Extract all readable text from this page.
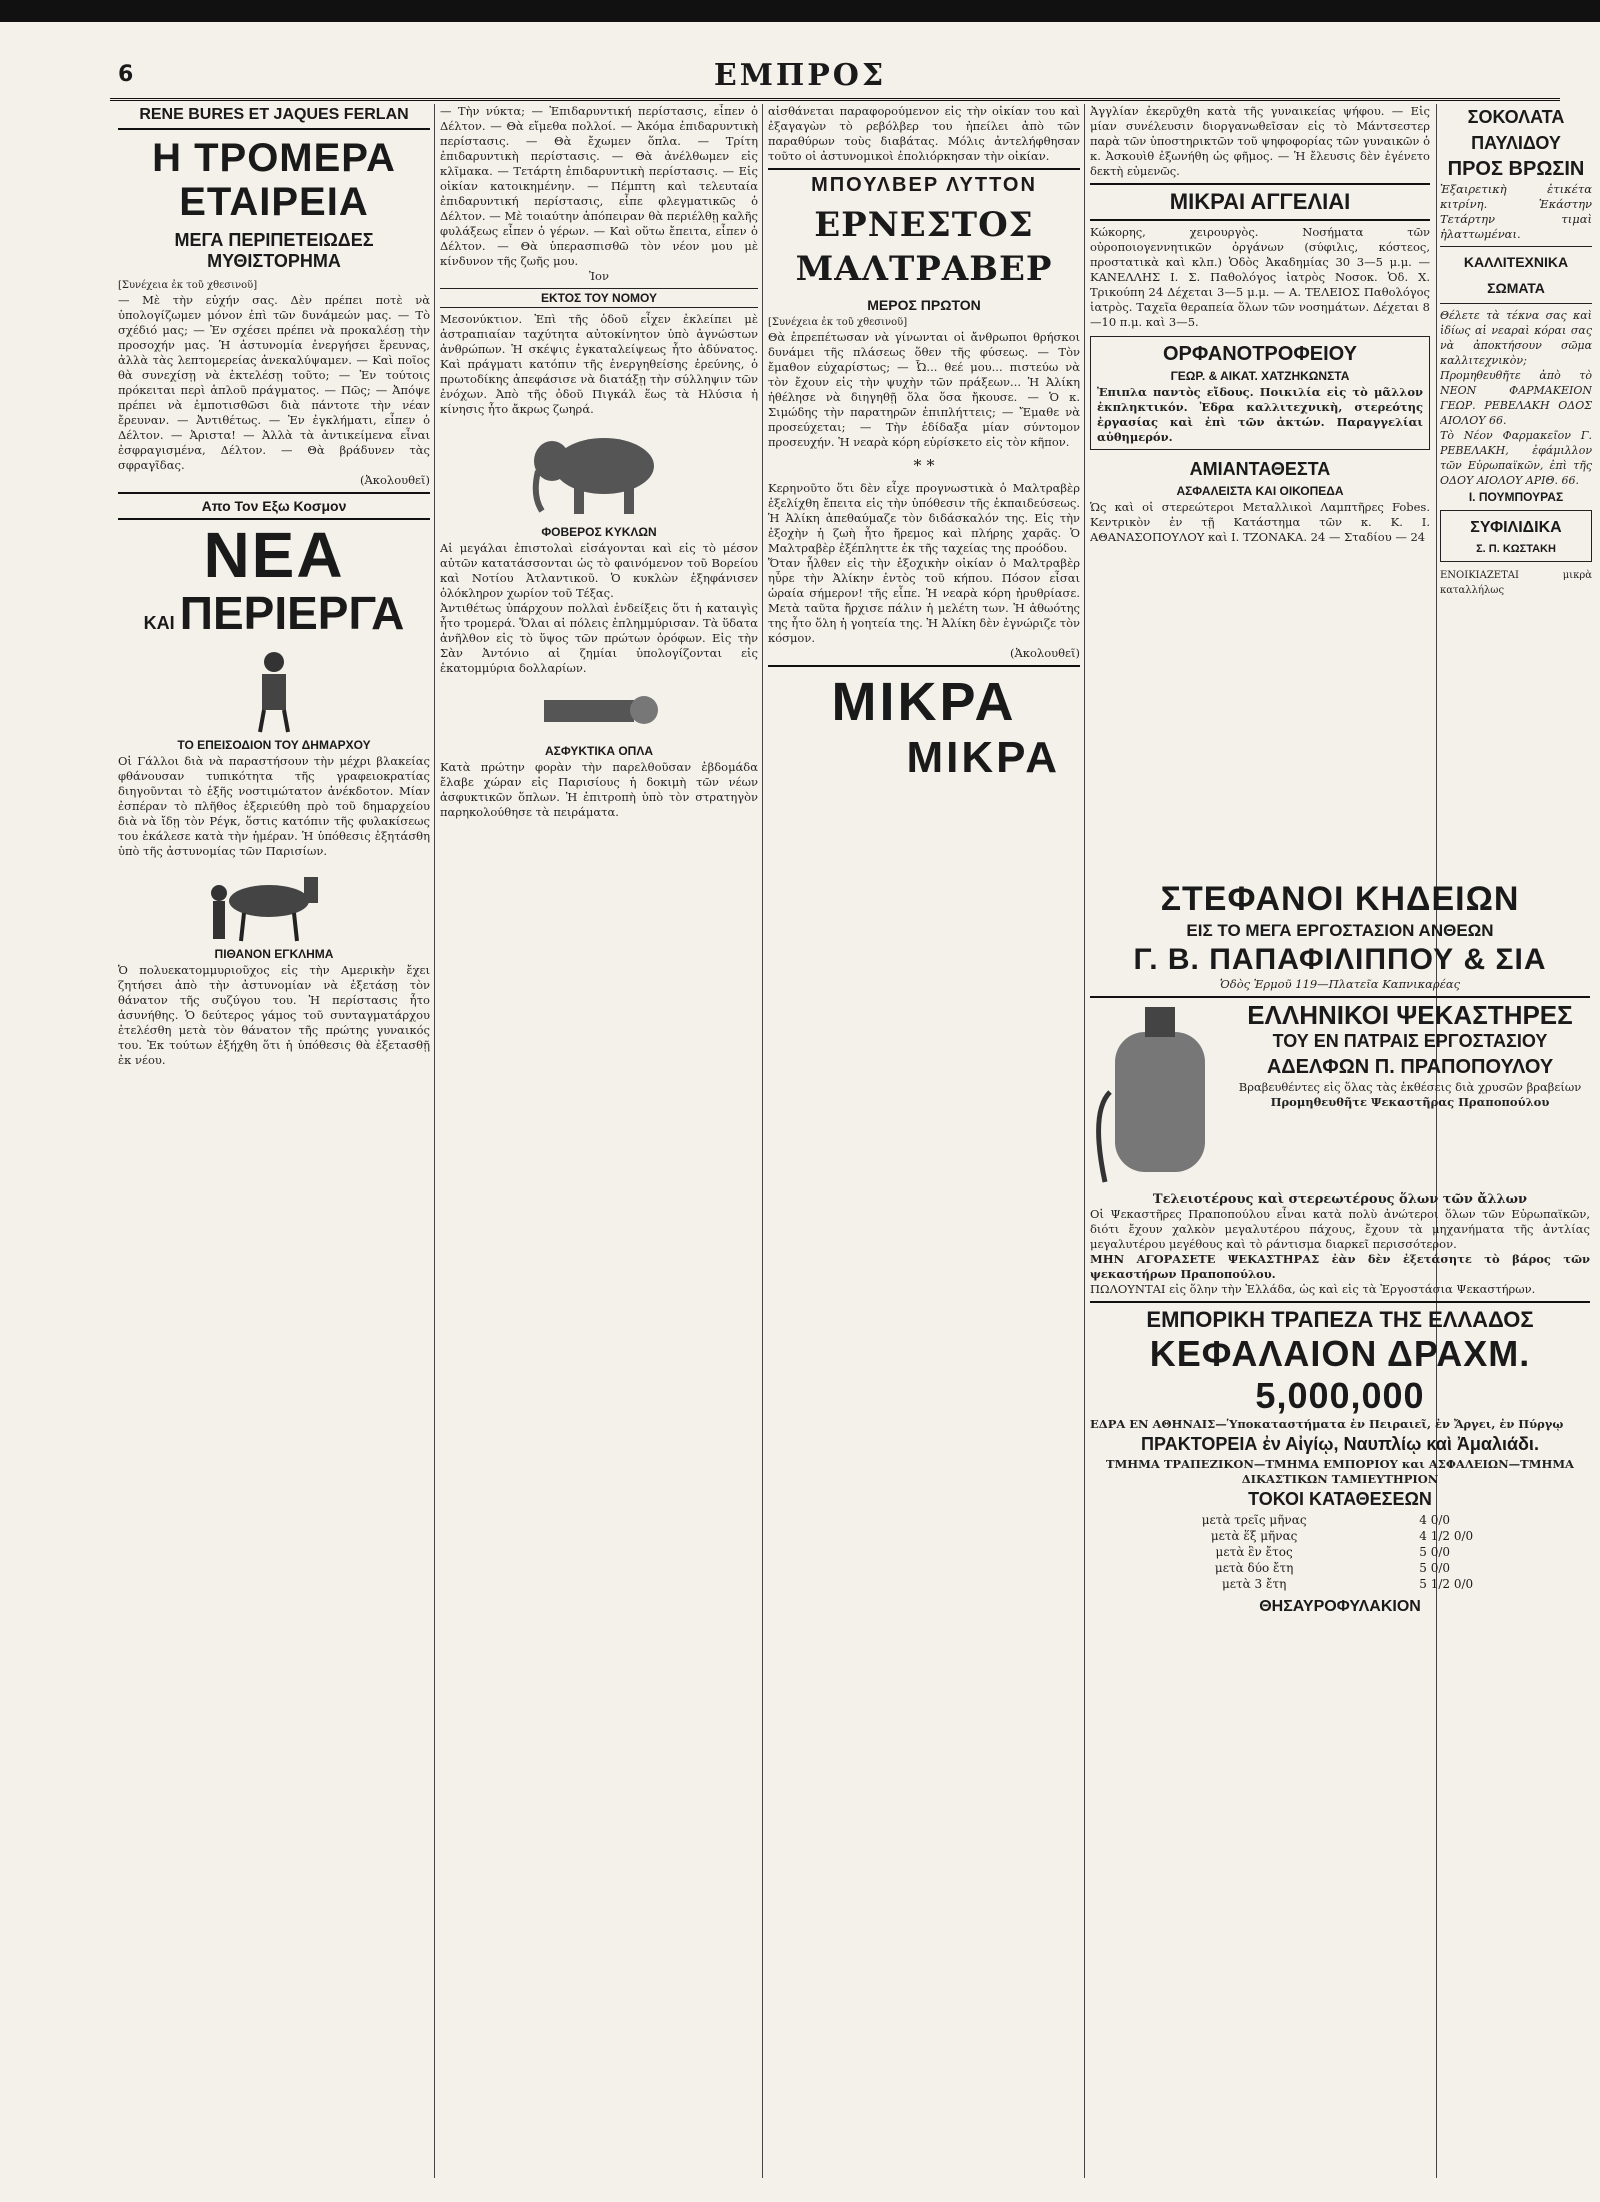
6	ΕΜΠΡΟΣ
RENE BURES ET JAQUES FERLAN
Η ΤΡΟΜΕΡΑ ΕΤΑΙΡΕΙΑ
ΜΕΓΑ ΠΕΡΙΠΕΤΕΙΩΔΕΣ ΜΥΘΙΣΤΟΡΗΜΑ
[Συνέχεια ἐκ τοῦ χθεσινοῦ]

— Μὲ τὴν εὐχήν σας. Δὲν πρέπει ποτὲ νὰ ὑπολογίζωμεν μόνον ἐπὶ τῶν δυνάμεών μας. — Τὸ σχέδιό μας; — Ἐν σχέσει πρέπει νὰ προκαλέσῃ τὴν προσοχήν μας. Ἡ ἀστυνομία ἐνεργήσει ἔρευνας, ἀλλὰ τὰς λεπτομερείας ἀνεκαλύψαμεν. — Καὶ ποῖος θὰ συνεχίσῃ νὰ ἐκτελέσῃ τοῦτο; — Ἐν τούτοις πρόκειται περὶ ἁπλοῦ πράγματος. — Πῶς; — Ἀπόψε πρέπει νὰ ἐμποτισθῶσι διὰ πάντοτε τὴν νέαν ἔρευναν. — Ἀντιθέτως. — Ἐν ἐγκλήματι, εἶπεν ὁ Δέλτον. — Ἀριστα! — Ἀλλὰ τὰ ἀντικείμενα εἶναι ἐσφραγισμένα, Δέλτον. — Θὰ βράδυνεν τὰς σφραγῖδας.

(Ἀκολουθεῖ)
Απο Τον Εξω Κοσμον
ΝΕΑ
ΚΑΙ ΠΕΡΙΕΡΓΑ
ΤΟ ΕΠΕΙΣΟΔΙΟΝ ΤΟΥ ΔΗΜΑΡΧΟΥ

Οἱ Γάλλοι διὰ νὰ παραστήσουν τὴν μέχρι βλακείας φθάνουσαν τυπικότητα τῆς γραφειοκρατίας διηγοῦνται τὸ ἑξῆς νοστιμώτατον ἀνέκδοτον. Μίαν ἐσπέραν τὸ πλῆθος ἐξεριεύθη πρὸ τοῦ δημαρχείου διὰ νὰ ἴδῃ τὸν Ρέγκ, ὅστις κατόπιν τῆς φυλακίσεως του ἐκάλεσε κατὰ τὴν ἡμέραν. Ἡ ὑπόθεσις ἐξητάσθη ὑπὸ τῆς ἀστυνομίας τῶν Παρισίων.

ΠΙΘΑΝΟΝ ΕΓΚΛΗΜΑ

Ὁ πολυεκατομμυριοῦχος εἰς τὴν Αμερικὴν ἔχει ζητήσει ἀπὸ τὴν ἀστυνομίαν νὰ ἐξετάσῃ τὸν θάνατον τῆς συζύγου του. Ἡ περίστασις ἦτο ἀσυνήθης. Ὁ δεύτερος γάμος τοῦ συνταγματάρχου ἐτελέσθη μετὰ τὸν θάνατον τῆς πρώτης γυναικός του. Ἐκ τούτων ἐξήχθη ὅτι ἡ ὑπόθεσις θὰ ἐξετασθῇ ἐκ νέου.

— Τὴν νύκτα; — Ἐπιδαρυντική περίστασις, εἶπεν ὁ Δέλτον. — Θὰ εἴμεθα πολλοί. — Ἀκόμα ἐπιδαρυντικὴ περίστασις. — Θὰ ἔχωμεν ὅπλα. — Τρίτη ἐπιδαρυντικὴ περίστασις. — Θὰ ἀνέλθωμεν εἰς κλῖμακα. — Τετάρτη ἐπιδαρυντικὴ περίστασις. — Εἰς οἰκίαν κατοικημένην. — Πέμπτη καὶ τελευταία ἐπιδαρυντική περίστασις, εἶπε φλεγματικῶς ὁ Δέλτον. — Μὲ τοιαύτην ἀπόπειραν θὰ περιέλθῃ καλῆς φυλάξεως εἶπεν ὁ γέρων. — Καὶ οὕτω ἔπειτα, εἶπεν ὁ Δέλτον. — Θὰ ὑπερασπισθῶ τὸν νέον μου μὲ κίνδυνον τῆς ζωῆς μου.

Ἰον
ΕΚΤΟΣ ΤΟΥ ΝΟΜΟΥ

Μεσονύκτιον. Ἐπὶ τῆς ὁδοῦ εἶχεν ἐκλείπει μὲ ἀστραπιαίαν ταχύτητα αὐτοκίνητον ὑπὸ ἀγνώστων ἀνθρώπων. Ἡ σκέψις ἐγκαταλείψεως ἦτο ἀδύνατος. Καὶ πράγματι κατόπιν τῆς ἐνεργηθείσης ἐρεύνης, ὁ πρωτοδίκης ἀπεφάσισε νὰ διατάξῃ τὴν σύλληψιν τῶν ἐνόχων. Ἀπὸ τῆς ὁδοῦ Πιγκάλ ἕως τὰ Ηλύσια ἡ κίνησις ἦτο ἄκρως ζωηρά.

ΦΟΒΕΡΟΣ ΚΥΚΛΩΝ

Αἱ μεγάλαι ἐπιστολαὶ εἰσάγονται καὶ εἰς τὸ μέσον αὐτῶν κατατάσσονται ὡς τὸ φαινόμενον τοῦ Βορείου καὶ Νοτίου Ἀτλαντικοῦ. Ὁ κυκλὼν ἐξηφάνισεν ὁλόκληρον χωρίον τοῦ Τέξας.

Ἀντιθέτως ὑπάρχουν πολλαὶ ἐνδείξεις ὅτι ἡ καταιγὶς ἦτο τρομερά. Ὅλαι αἱ πόλεις ἐπλημμύρισαν. Τὰ ὕδατα ἀνῆλθον εἰς τὸ ὕψος τῶν πρώτων ὀρόφων. Εἰς τὴν Σὰν Ἀντόνιο αἱ ζημίαι ὑπολογίζονται εἰς ἑκατομμύρια δολλαρίων.

ΑΣΦΥΚΤΙΚΑ ΟΠΛΑ

Κατὰ πρώτην φορὰν τὴν παρελθοῦσαν ἑβδομάδα ἔλαβε χώραν εἰς Παρισίους ἡ δοκιμὴ τῶν νέων ἀσφυκτικῶν ὅπλων. Ἡ ἐπιτροπὴ ὑπὸ τὸν στρατηγὸν παρηκολούθησε τὰ πειράματα.

αἰσθάνεται παραφορούμενον εἰς τὴν οἰκίαν του καὶ ἐξαγαγὼν τὸ ρεβόλβερ του ἠπείλει ἀπὸ τῶν παραθύρων τοὺς διαβάτας. Μόλις ἀντελήφθησαν τοῦτο οἱ ἀστυνομικοὶ ἐπολιόρκησαν τὴν οἰκίαν.

ΜΠΟΥΛΒΕΡ ΛΥΤΤΟΝ
ΕΡΝΕΣΤΟΣ ΜΑΛΤΡΑΒΕΡ
ΜΕΡΟΣ ΠΡΩΤΟΝ
[Συνέχεια ἐκ τοῦ χθεσινοῦ]

Θὰ ἐπρεπέτωσαν νὰ γίνωνται οἱ ἄνθρωποι θρήσκοι δυνάμει τῆς πλάσεως ὅθεν τῆς φύσεως. — Τὸν ἔμαθον εὐχαρίστως; — Ὦ... θεέ μου... πιστεύω νὰ τὸν ἔχουν εἰς τὴν ψυχὴν τῶν πράξεων... Ἡ Ἀλίκη ἠθέλησε νὰ διηγηθῇ ὅλα ὅσα ἤκουσε. — Ὁ κ. Σιμώδης τὴν παρατηρῶν ἐπιπλήττεις; — Ἔμαθε νὰ προσεύχεται; — Τὴν ἐδίδαξα μίαν σύντομον προσευχήν. Ἡ νεαρὰ κόρη εὑρίσκετο εἰς τὸν κῆπον.

* *

Κερηνοῦτο ὅτι δὲν εἶχε προγνωστικὰ ὁ Μαλτραβὲρ ἐξελίχθη ἔπειτα εἰς τὴν ὑπόθεσιν τῆς ἐκπαιδεύσεως. Ἡ Ἀλίκη ἀπεθαύμαζε τὸν διδάσκαλόν της. Εἰς τὴν ἐξοχὴν ἡ ζωὴ ἦτο ἤρεμος καὶ πλήρης χαρᾶς. Ὁ Μαλτραβὲρ ἐξέπληττε ἐκ τῆς ταχείας της προόδου.

Ὅταν ἦλθεν εἰς τὴν ἐξοχικὴν οἰκίαν ὁ Μαλτραβὲρ ηὗρε τὴν Ἀλίκην ἐντὸς τοῦ κήπου. Πόσον εἶσαι ὡραία σήμερον! τῆς εἶπε. Ἡ νεαρὰ κόρη ἠρυθρίασε. Μετὰ ταῦτα ἤρχισε πάλιν ἡ μελέτη των. Ἡ ἀθωότης της ἦτο ὅλη ἡ γοητεία της. Ἡ Ἀλίκη δὲν ἐγνώριζε τὸν κόσμον.

(Ἀκολουθεῖ)
ΜΙΚΡΑ
ΜΙΚΡΑ

Ἀγγλίαν ἐκερῦχθη κατὰ τῆς γυναικείας ψήφου. — Εἰς μίαν συνέλευσιν διοργανωθεῖσαν εἰς τὸ Μάντσεστερ παρὰ τῶν ὑποστηρικτῶν τοῦ ψηφοφορίας τῶν γυναικῶν ὁ κ. Ἀσκουὶθ ἐξωνήθη ὡς φῆμος. — Ἡ ἔλευσις δὲν ἐγένετο δεκτὴ εὐμενῶς.

ΜΙΚΡΑΙ ΑΓΓΕΛΙΑΙ

Κώκορης, χειρουργὸς. Νοσήματα τῶν οὐροποιογεννητικῶν ὀργάνων (σύφιλις, κόστεος, προστατικὰ καὶ κλπ.) Ὁδὸς Ἀκαδημίας 30 3—5 μ.μ. — ΚΑΝΕΛΛΗΣ Ι. Σ. Παθολόγος ἰατρὸς Νοσοκ. Ὁδ. Χ. Τρικούπη 24 Δέχεται 3—5 μ.μ. — Α. ΤΕΛΕΙΟΣ Παθολόγος ἰατρὸς. Ταχεῖα θεραπεία ὅλων τῶν νοσημάτων. Δέχεται 8—10 π.μ. καὶ 3—5.

ΟΡΦΑΝΟΤΡΟΦΕΙΟΥ
ΓΕΩΡ. & ΑΙΚΑΤ. ΧΑΤΖΗΚΩΝΣΤΑ

Ἐπιπλα παντὸς εἴδους. Ποικιλία εἰς τὸ μᾶλλον ἐκπληκτικόν. Ἐδρα καλλιτεχνικὴ, στερεότης ἐργασίας καὶ ἐπὶ τῶν ἀκτών. Παραγγελίαι αὐθημερόν.

ΑΜΙΑΝΤΑΘΕΣΤΑ
ΑΣΦΑΛΕΙΣΤΑ ΚΑΙ ΟΙΚΟΠΕΔΑ

Ὡς καὶ οἱ στερεώτεροι Μεταλλικοὶ Λαμπτῆρες Fobes. Κεντρικὸν ἐν τῇ Κατάστημα τῶν κ. Κ. Ι. ΑΘΑΝΑΣΟΠΟΥΛΟΥ καὶ Ι. ΤΖΟΝΑΚΑ. 24 — Σταδίου — 24

ΣΟΚΟΛΑΤΑ ΠΑΥΛΙΔΟΥ
ΠΡΟΣ ΒΡΩΣΙΝ

Ἐξαιρετικὴ ἐτικέτα κιτρίνη. Ἑκάστην Τετάρτην τιμαὶ ἠλαττωμέναι.

ΚΑΛΛΙΤΕΧΝΙΚΑ ΣΩΜΑΤΑ

Θέλετε τὰ τέκνα σας καὶ ἰδίως αἱ νεαραὶ κόραι σας νὰ ἀποκτήσουν σῶμα καλλιτεχνικὸν; Προμηθευθῆτε ἀπὸ τὸ ΝΕΟΝ ΦΑΡΜΑΚΕΙΟΝ ΓΕΩΡ. ΡΕΒΕΛΑΚΗ ΟΔΟΣ ΑΙΟΛΟΥ 66.

Τὸ Νέον Φαρμακεῖον Γ. ΡΕΒΕΛΑΚΗ, ἐφάμιλλον τῶν Εὐρωπαϊκῶν, ἐπὶ τῆς ΟΔΟΥ ΑΙΟΛΟΥ ΑΡΙΘ. 66.

Ι. ΠΟΥΜΠΟΥΡΑΣ
ΣΥΦΙΛΙΔΙΚΑ
Σ. Π. ΚΩΣΤΑΚΗ

ΕΝΟΙΚΙΑΖΕΤΑΙ μικρὰ καταλλήλως

ΣΤΕΦΑΝΟΙ ΚΗΔΕΙΩΝ
ΕΙΣ ΤΟ ΜΕΓΑ ΕΡΓΟΣΤΑΣΙΟΝ ΑΝΘΕΩΝ
Γ. Β. ΠΑΠΑΦΙΛΙΠΠΟΥ & ΣΙΑ
Ὁδὸς Ἑρμοῦ 119—Πλατεῖα Καπνικαρέας
ΕΛΛΗΝΙΚΟΙ ΨΕΚΑΣΤΗΡΕΣ
ΤΟΥ ΕΝ ΠΑΤΡΑΙΣ ΕΡΓΟΣΤΑΣΙΟΥ
ΑΔΕΛΦΩΝ Π. ΠΡΑΠΟΠΟΥΛΟΥ

Βραβευθέντες εἰς ὅλας τὰς ἐκθέσεις διὰ χρυσῶν βραβείων

Προμηθευθῆτε Ψεκαστῆρας Πραποπούλου

Τελειοτέρους καὶ στερεωτέρους ὅλων τῶν ἄλλων

Οἱ Ψεκαστῆρες Πραποπούλου εἶναι κατὰ πολὺ ἀνώτεροι ὅλων τῶν Εὐρωπαϊκῶν, διότι ἔχουν χαλκὸν μεγαλυτέρου πάχους, ἔχουν τὰ μηχανήματα τῆς ἀντλίας μεγαλυτέρου μεγέθους καὶ τὸ ράντισμα διαρκεῖ περισσότερον.

ΜΗΝ ΑΓΟΡΑΣΕΤΕ ΨΕΚΑΣΤΗΡΑΣ ἐὰν δὲν ἐξετάσητε τὸ βάρος τῶν ψεκαστήρων Πραποπούλου.

ΠΩΛΟΥΝΤΑΙ εἰς ὅλην τὴν Ἑλλάδα, ὡς καὶ εἰς τὰ Ἐργοστάσια Ψεκαστήρων.

ΕΜΠΟΡΙΚΗ ΤΡΑΠΕΖΑ ΤΗΣ ΕΛΛΑΔΟΣ
ΚΕΦΑΛΑΙΟΝ ΔΡΑΧΜ. 5,000,000

ΕΔΡΑ ΕΝ ΑΘΗΝΑΙΣ—Ὑποκαταστήματα ἐν Πειραιεῖ, ἐν Ἄργει, ἐν Πύργῳ

ΠΡΑΚΤΟΡΕΙΑ ἐν Αἰγίῳ, Ναυπλίῳ καὶ Ἀμαλιάδι.

ΤΜΗΜΑ ΤΡΑΠΕΖΙΚΟΝ—ΤΜΗΜΑ ΕΜΠΟΡΙΟΥ και ΑΣΦΑΛΕΙΩΝ—ΤΜΗΜΑ ΔΙΚΑΣΤΙΚΩΝ ΤΑΜΙΕΥΤΗΡΙΟΝ

ΤΟΚΟΙ ΚΑΤΑΘΕΣΕΩΝ
μετὰ τρεῖς μῆνας	4 0/0
μετὰ ἕξ μῆνας	4 1/2 0/0
μετὰ ἓν ἔτος	5 0/0
μετὰ δύο ἔτη	5 0/0
μετὰ 3 ἔτη	5 1/2 0/0
ΘΗΣΑΥΡΟΦΥΛΑΚΙΟΝ
